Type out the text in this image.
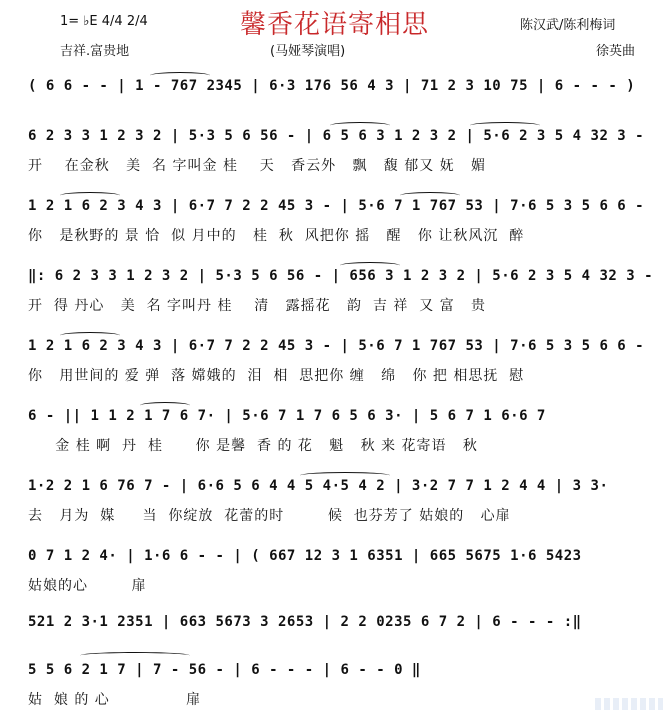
馨香花语寄相思
1= ♭E 4/4 2/4
吉祥.富贵地	(马娅琴演唱)
陈汉武/陈利梅词
徐英曲
( 6 6 - - | 1 - 767 2345 | 6·3 176 56 4 3 | 71 2 3 10 75 | 6 - - - )
6 2 3 3 1 2 3 2 | 5·3 5 6 56 - | 6 5 6 3 1 2 3 2 | 5·6 2 3 5 4 32 3 -
开    在金秋   美  名 字叫金 桂    天   香云外   飘   馥 郁又 妩   媚
1 2 1 6 2 3 4 3 | 6·7 7 2 2 45 3 - | 5·6 7 1 767 53 | 7·6 5 3 5 6 6 -
你   是秋野的 景 恰  似 月中的   桂  秋  风把你 摇   醒   你 让秋风沉  醉
‖: 6 2 3 3 1 2 3 2 | 5·3 5 6 56 - | 656 3 1 2 3 2 | 5·6 2 3 5 4 32 3 -
开  得 丹心   美  名 字叫丹 桂    清   露摇花   韵  吉 祥  又 富   贵
1 2 1 6 2 3 4 3 | 6·7 7 2 2 45 3 - | 5·6 7 1 767 53 | 7·6 5 3 5 6 6 -
你   用世间的 爱 弹  落 嫦娥的  泪  相  思把你 缠   绵   你 把 相思抚  慰
6 - || 1 1 2 1 7 6 7· | 5·6 7 1 7 6 5 6 3· | 5 6 7 1 6·6 7
金 桂 啊  丹  桂      你 是馨  香 的 花   魁   秋 来 花寄语   秋
1·2 2 1 6 76 7 - | 6·6 5 6 4 4 5 4·5 4 2 | 3·2 7 7 1 2 4 4 | 3 3·
去   月为  媒     当  你绽放  花蕾的时        候  也芬芳了 姑娘的   心扉
0 7 1 2 4· | 1·6 6 - - | ( 667 12 3 1 6351 | 665 5675 1·6 5423
姑娘的心        扉
521 2 3·1 2351 | 663 5673 3 2653 | 2 2 0235 6 7 2 | 6 - - - :‖
5 5 6 2 1 7 | 7 - 56 - | 6 - - - | 6 - - 0 ‖
姑  娘 的 心              扉
